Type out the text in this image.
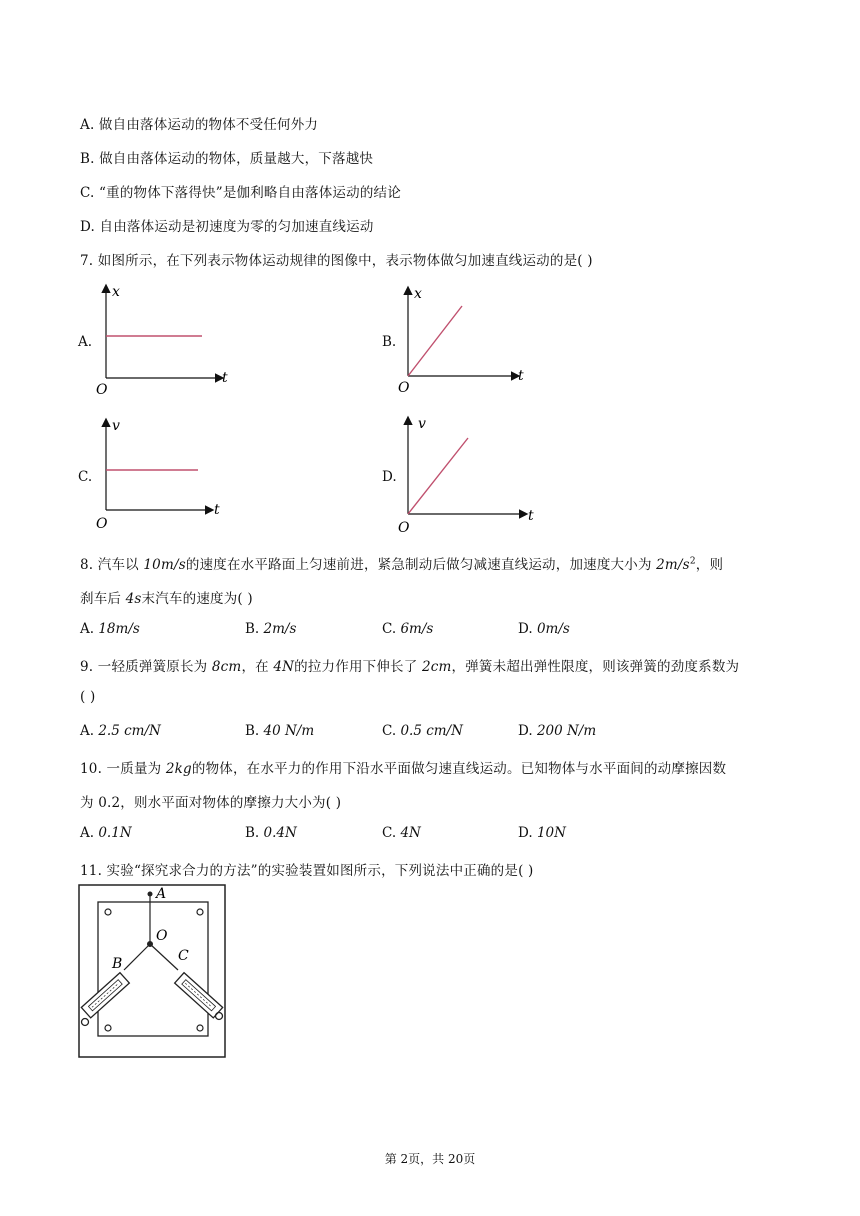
A. 做自由落体运动的物体不受任何外力
B. 做自由落体运动的物体，质量越大，下落越快
C. “重的物体下落得快”是伽利略自由落体运动的结论
D. 自由落体运动是初速度为零的匀加速直线运动
7. 如图所示，在下列表示物体运动规律的图像中，表示物体做匀加速直线运动的是( )
A.
x
t
O
B.
x
t
O
C.
v
t
O
D.
v
t
O
8. 汽车以 10m/s的速度在水平路面上匀速前进，紧急制动后做匀减速直线运动，加速度大小为 $2m/s^2$，则
刹车后 4s末汽车的速度为( )
A. 18m/s	B. 2m/s	C. 6m/s	D. 0m/s
9. 一轻质弹簧原长为 8cm，在 4N的拉力作用下伸长了 2cm，弹簧未超出弹性限度，则该弹簧的劲度系数为
( )
A. 2.5 cm/N	B. 40 N/m	C. 0.5 cm/N	D. 200 N/m
10. 一质量为 2kg的物体，在水平力的作用下沿水平面做匀速直线运动。已知物体与水平面间的动摩擦因数
为 0.2，则水平面对物体的摩擦力大小为( )
A. 0.1N	B. 0.4N	C. 4N	D. 10N
11. 实验“探究求合力的方法”的实验装置如图所示，下列说法中正确的是( )
A
O
B	C
第 2页，共 20页
